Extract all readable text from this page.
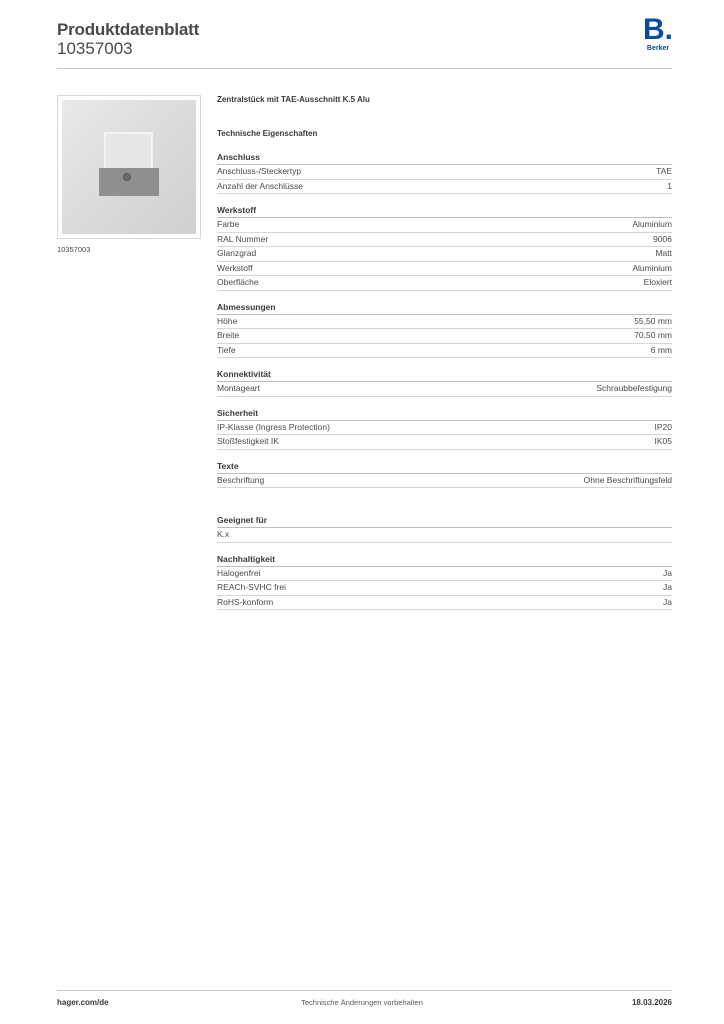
Produktdatenblatt
10357003
B.
Berker
10357003
Zentralstück mit TAE-Ausschnitt K.5 Alu
Technische Eigenschaften
Anschluss
Anschluss-/Steckertyp	TAE
Anzahl der Anschlüsse	1
Werkstoff
Farbe	Aluminium
RAL Nummer	9006
Glanzgrad	Matt
Werkstoff	Aluminium
Oberfläche	Eloxiert
Abmessungen
Höhe	55,50 mm
Breite	70,50 mm
Tiefe	6 mm
Konnektivität
Montageart	Schraubbefestigung
Sicherheit
IP-Klasse (Ingress Protection)	IP20
Stoßfestigkeit IK	IK05
Texte
Beschriftung	Ohne Beschriftungsfeld
Geeignet für
K.x
Nachhaltigkeit
Halogenfrei	Ja
REACh-SVHC frei	Ja
RoHS-konform	Ja
hager.com/de	Technische Änderungen vorbehalten	18.03.2026
